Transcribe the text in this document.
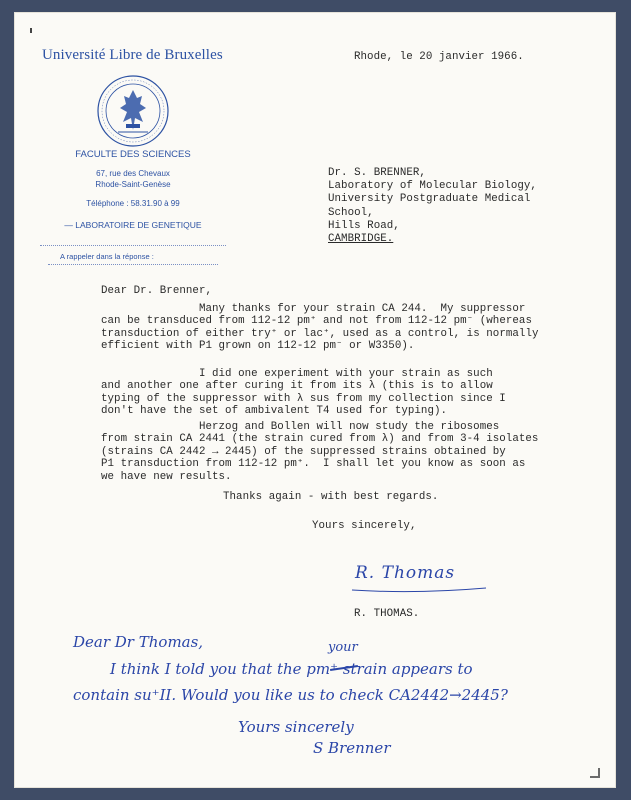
Université Libre de Bruxelles
FACULTE DES SCIENCES
67, rue des Chevaux
Rhode-Saint-Genèse
Téléphone : 58.31.90 à 99
— LABORATOIRE DE GENETIQUE
A rappeler dans la réponse :
Rhode, le 20 janvier 1966.
Dr. S. BRENNER,
Laboratory of Molecular Biology,
University Postgraduate Medical
School,
Hills Road,
CAMBRIDGE.
Dear Dr. Brenner,
Many thanks for your strain CA 244.  My suppressor
can be transduced from 112-12 pm⁺ and not from 112-12 pm⁻ (whereas
transduction of either try⁺ or lac⁺, used as a control, is normally
efficient with P1 grown on 112-12 pm⁻ or W3350).
I did one experiment with your strain as such
and another one after curing it from its λ (this is to allow
typing of the suppressor with λ sus from my collection since I
don't have the set of ambivalent T4 used for typing).
Herzog and Bollen will now study the ribosomes
from strain CA 2441 (the strain cured from λ) and from 3-4 isolates
(strains CA 2442 → 2445) of the suppressed strains obtained by
P1 transduction from 112-12 pm⁺.  I shall let you know as soon as
we have new results.
Thanks again - with best regards.
Yours sincerely,
R. Thomas
R. THOMAS.
Dear Dr Thomas,	your
I think I told you that the pm⁺ strain appears to
contain su⁺II. Would you like us to check CA2442→2445?
Yours sincerely
S Brenner
